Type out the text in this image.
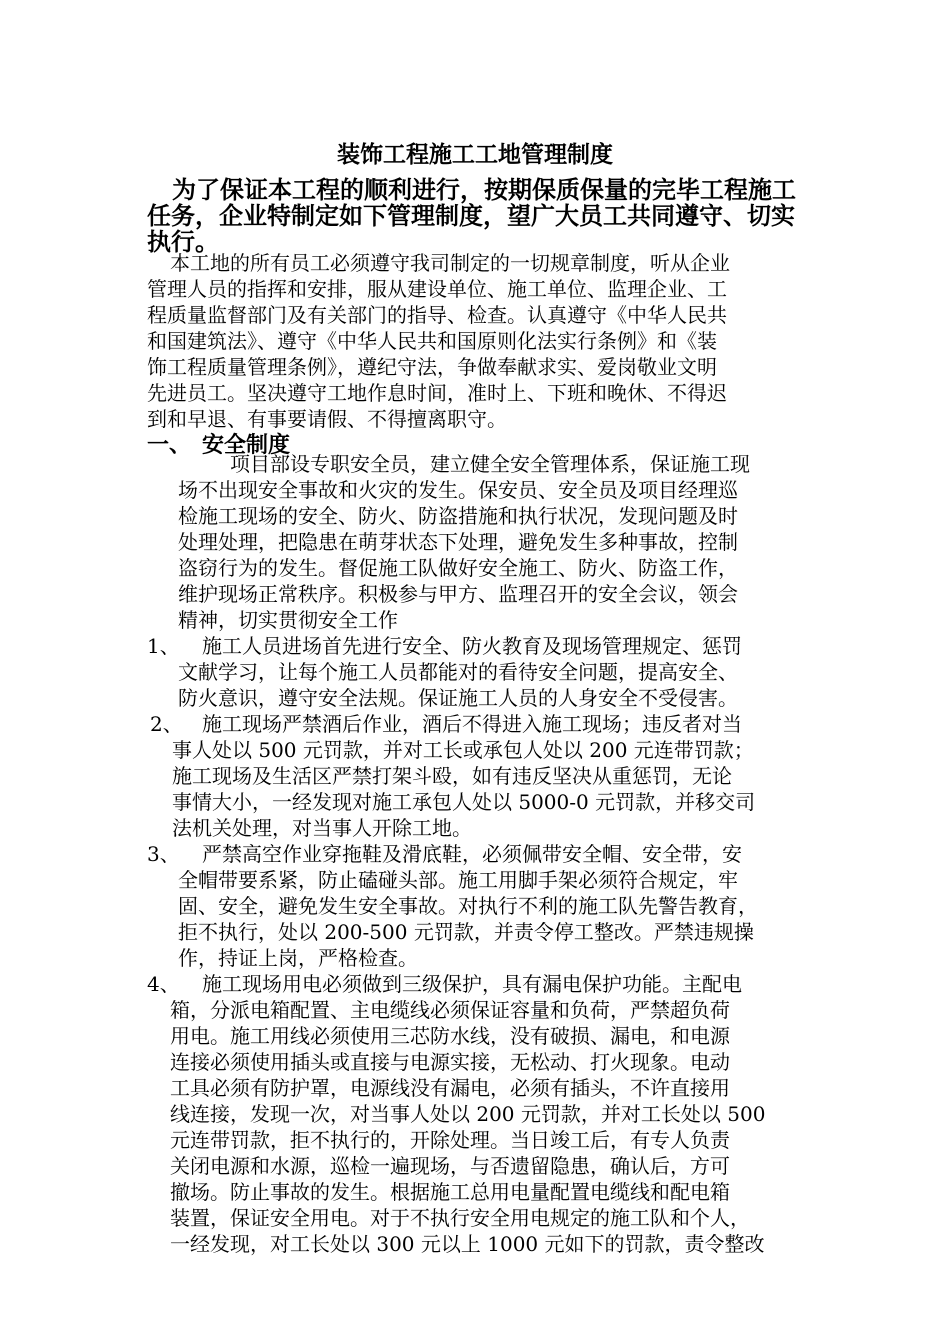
装饰工程施工工地管理制度
为了保证本工程的顺利进行，按期保质保量的完毕工程施工
任务，企业特制定如下管理制度，望广大员工共同遵守、切实
执行。
本工地的所有员工必须遵守我司制定的一切规章制度，听从企业
管理人员的指挥和安排，服从建设单位、施工单位、监理企业、工
程质量监督部门及有关部门的指导、检查。认真遵守《中华人民共
和国建筑法》、遵守《中华人民共和国原则化法实行条例》和《装
饰工程质量管理条例》，遵纪守法，争做奉献求实、爱岗敬业文明
先进员工。坚决遵守工地作息时间，准时上、下班和晚休、不得迟
到和早退、有事要请假、不得擅离职守。
一、 安全制度
项目部设专职安全员，建立健全安全管理体系，保证施工现
场不出现安全事故和火灾的发生。保安员、安全员及项目经理巡
检施工现场的安全、防火、防盗措施和执行状况，发现问题及时
处理处理，把隐患在萌芽状态下处理，避免发生多种事故，控制
盗窃行为的发生。督促施工队做好安全施工、防火、防盗工作，
维护现场正常秩序。积极参与甲方、监理召开的安全会议，领会
精神，切实贯彻安全工作
1、 施工人员进场首先进行安全、防火教育及现场管理规定、惩罚
文献学习，让每个施工人员都能对的看待安全问题，提高安全、
防火意识，遵守安全法规。保证施工人员的人身安全不受侵害。
2、 施工现场严禁酒后作业，酒后不得进入施工现场；违反者对当
事人处以 500 元罚款，并对工长或承包人处以 200 元连带罚款；
施工现场及生活区严禁打架斗殴，如有违反坚决从重惩罚，无论
事情大小，一经发现对施工承包人处以 5000-0 元罚款，并移交司
法机关处理，对当事人开除工地。
3、 严禁高空作业穿拖鞋及滑底鞋，必须佩带安全帽、安全带，安
全帽带要系紧，防止磕碰头部。施工用脚手架必须符合规定，牢
固、安全，避免发生安全事故。对执行不利的施工队先警告教育，
拒不执行，处以 200-500 元罚款，并责令停工整改。严禁违规操
作，持证上岗，严格检查。
4、 施工现场用电必须做到三级保护，具有漏电保护功能。主配电
箱，分派电箱配置、主电缆线必须保证容量和负荷，严禁超负荷
用电。施工用线必须使用三芯防水线，没有破损、漏电，和电源
连接必须使用插头或直接与电源实接，无松动、打火现象。电动
工具必须有防护罩，电源线没有漏电，必须有插头，不许直接用
线连接，发现一次，对当事人处以 200 元罚款，并对工长处以 500
元连带罚款，拒不执行的，开除处理。当日竣工后，有专人负责
关闭电源和水源，巡检一遍现场，与否遗留隐患，确认后，方可
撤场。防止事故的发生。根据施工总用电量配置电缆线和配电箱
装置，保证安全用电。对于不执行安全用电规定的施工队和个人，
一经发现，对工长处以 300 元以上 1000 元如下的罚款，责令整改
